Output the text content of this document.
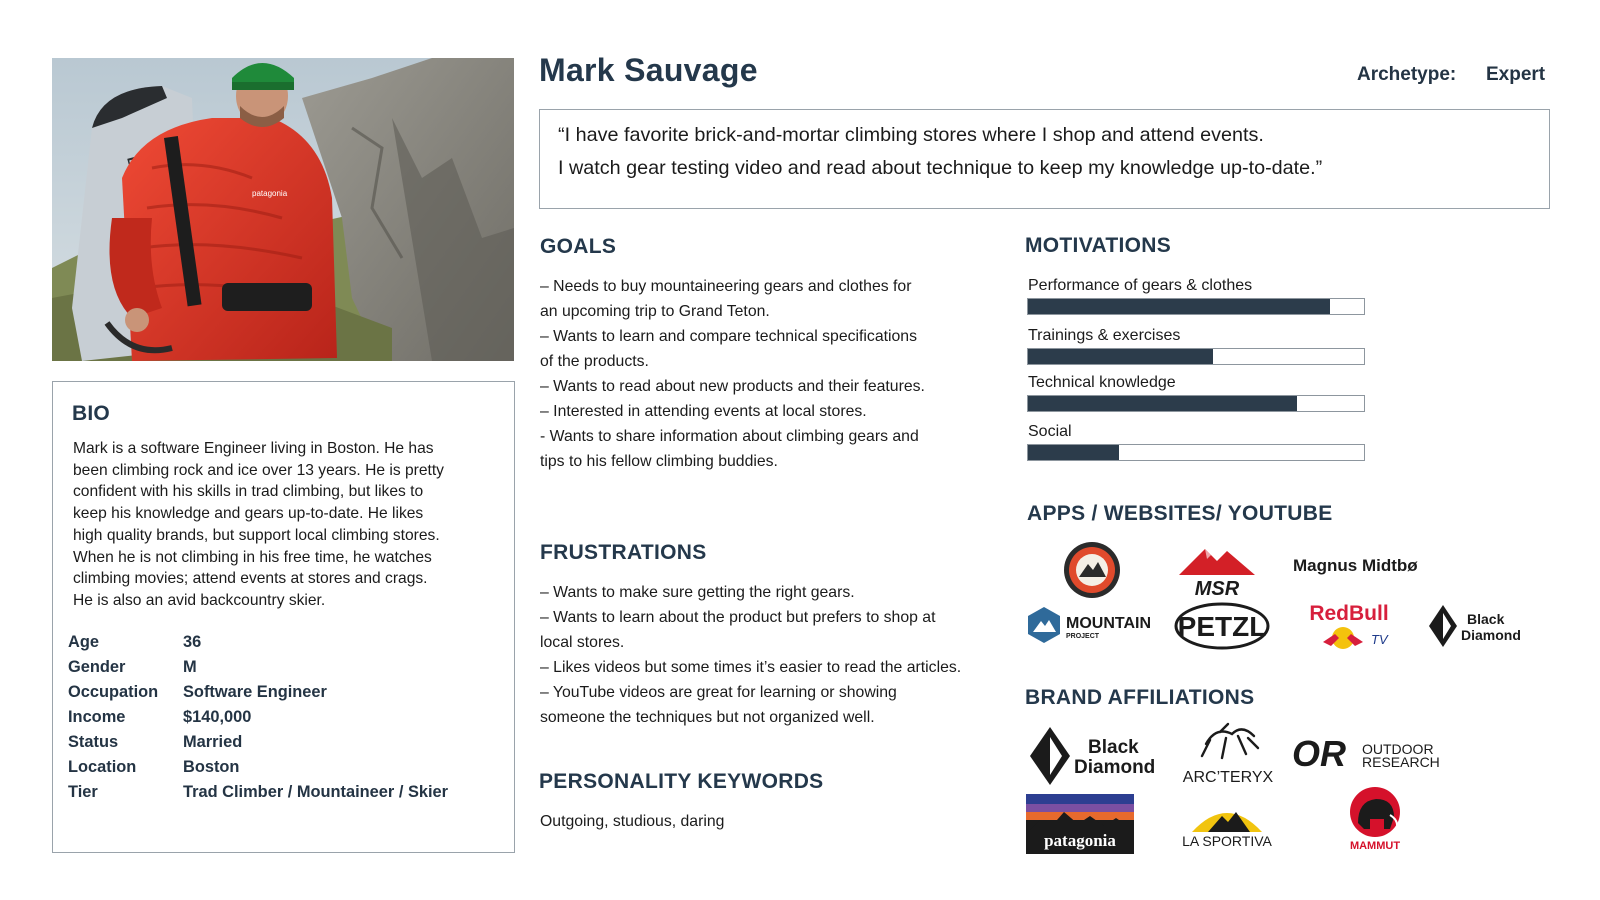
patagonia
BIO
Mark is a software Engineer living in Boston. He has
been climbing rock and ice over 13 years. He is pretty
confident with his skills in trad climbing, but likes to
keep his knowledge and gears up-to-date. He likes
high quality brands, but support local climbing stores.
When he is not climbing in his free time, he watches
climbing movies; attend events at stores and crags.
He is also an avid backcountry skier.
Age	36
Gender	M
Occupation	Software Engineer
Income	$140,000
Status	Married
Location	Boston
Tier	Trad Climber / Mountaineer / Skier
Mark Sauvage	Archetype: Expert
“I have favorite brick-and-mortar climbing stores where I shop and attend events.
I watch gear testing video and read about technique to keep my knowledge up-to-date.”
GOALS
– Needs to buy mountaineering gears and clothes for
an upcoming trip to Grand Teton.
– Wants to learn and compare technical specifications
of the products.
– Wants to read about new products and their features.
– Interested in attending events at local stores.
- Wants to share information about climbing gears and
tips to his fellow climbing buddies.
FRUSTRATIONS
– Wants to make sure getting the right gears.
– Wants to learn about the product but prefers to shop at
local stores.
– Likes videos but some times it’s easier to read the articles.
– YouTube videos are great for learning or showing
someone the techniques but not organized well.
PERSONALITY KEYWORDS
Outgoing, studious, daring
MOTIVATIONS
Performance of gears & clothes
Trainings & exercises
Technical knowledge
Social
APPS / WEBSITES/ YOUTUBE
MSR
Magnus Midtbø
MOUNTAIN
PROJECT	PETZL RedBull
TV
Black
Diamond
BRAND AFFILIATIONS
Black
Diamond ARC’TERYX
OR OUTDOOR
RESEARCH
patagonia	LA SPORTIVA	MAMMUT
